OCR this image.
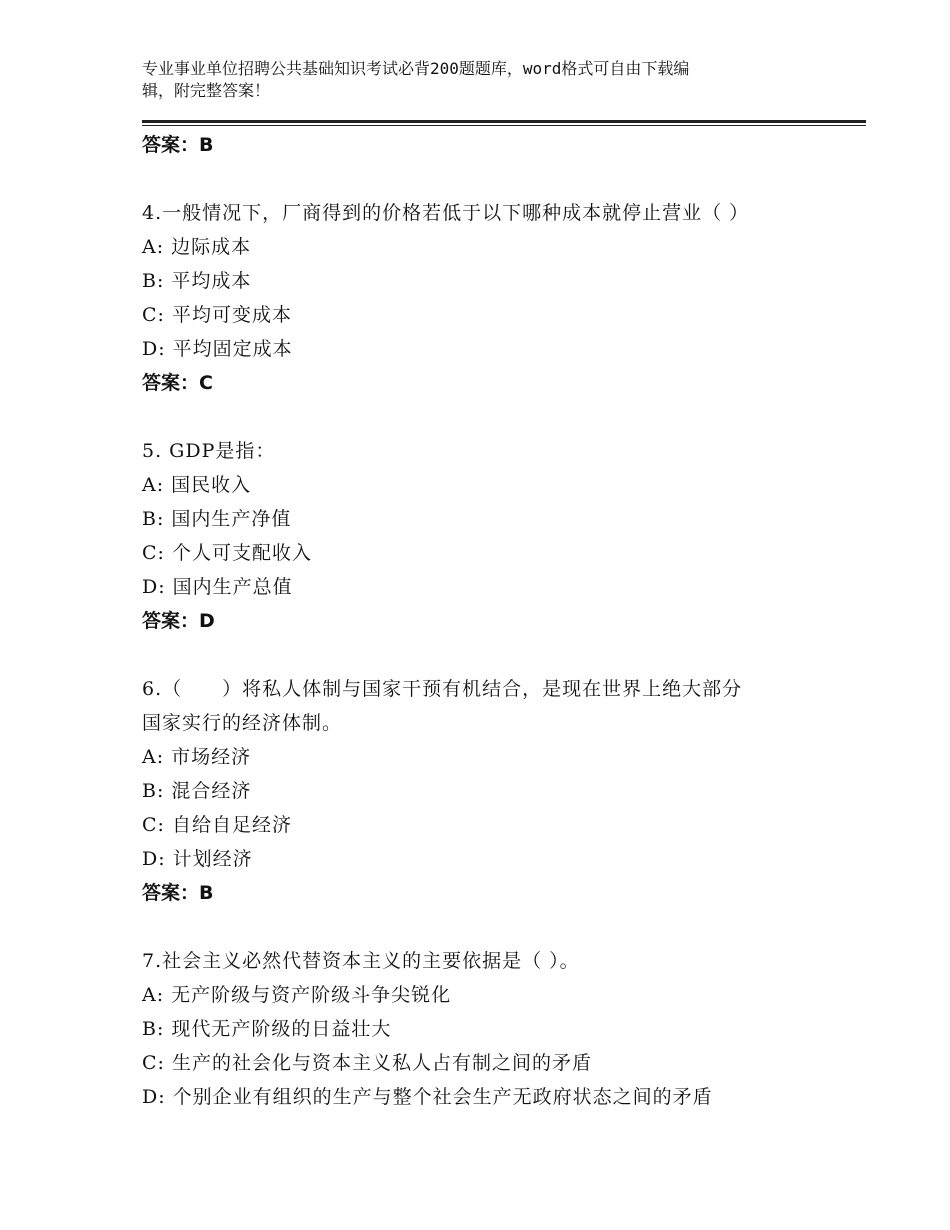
专业事业单位招聘公共基础知识考试必背200题题库，word格式可自由下载编
辑，附完整答案！
答案：B
4.一般情况下，厂商得到的价格若低于以下哪种成本就停止营业（ ）
A: 边际成本
B: 平均成本
C: 平均可变成本
D: 平均固定成本
答案：C
5. GDP是指：
A: 国民收入
B: 国内生产净值
C: 个人可支配收入
D: 国内生产总值
答案：D
6.（　　）将私人体制与国家干预有机结合，是现在世界上绝大部分
国家实行的经济体制。
A: 市场经济
B: 混合经济
C: 自给自足经济
D: 计划经济
答案：B
7.社会主义必然代替资本主义的主要依据是（ ）。
A: 无产阶级与资产阶级斗争尖锐化
B: 现代无产阶级的日益壮大
C: 生产的社会化与资本主义私人占有制之间的矛盾
D: 个别企业有组织的生产与整个社会生产无政府状态之间的矛盾
